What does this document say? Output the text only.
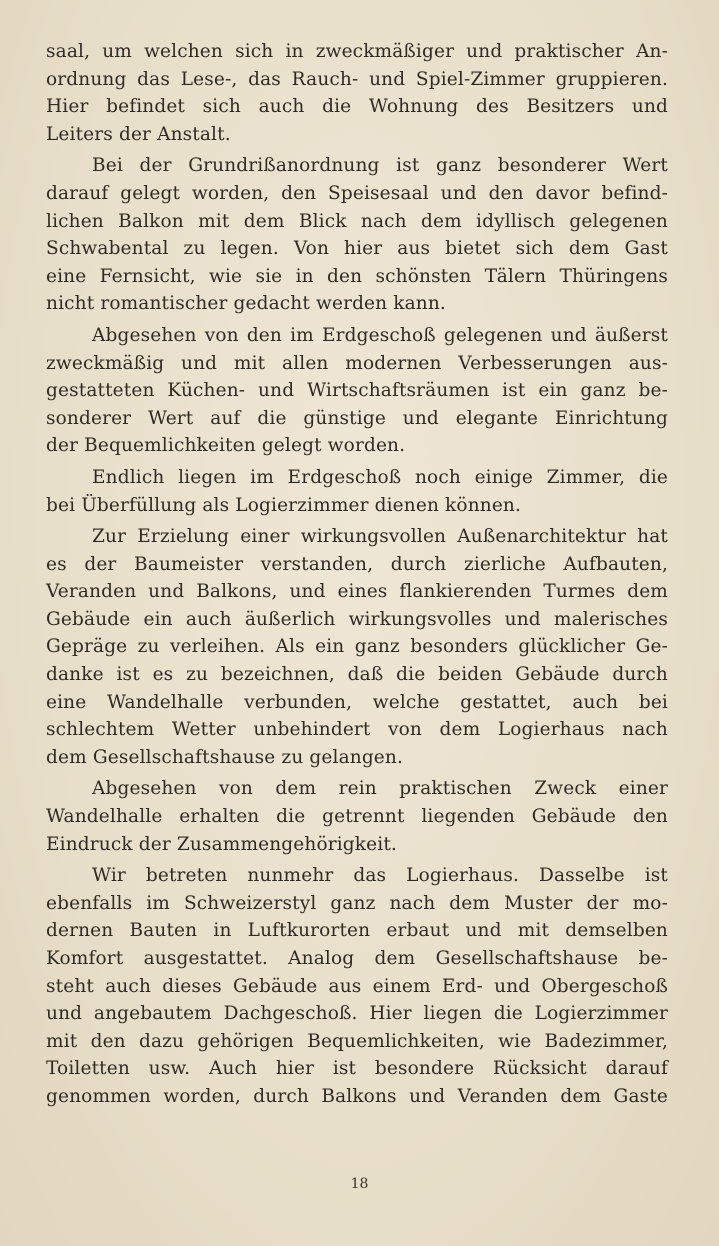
saal, um welchen sich in zweckmäßiger und praktischer An-
ordnung das Lese-, das Rauch- und Spiel-Zimmer gruppieren.
Hier befindet sich auch die Wohnung des Besitzers und
Leiters der Anstalt.
Bei der Grundrißanordnung ist ganz besonderer Wert
darauf gelegt worden, den Speisesaal und den davor befind-
lichen Balkon mit dem Blick nach dem idyllisch gelegenen
Schwabental zu legen. Von hier aus bietet sich dem Gast
eine Fernsicht, wie sie in den schönsten Tälern Thüringens
nicht romantischer gedacht werden kann.
Abgesehen von den im Erdgeschoß gelegenen und äußerst
zweckmäßig und mit allen modernen Verbesserungen aus-
gestatteten Küchen- und Wirtschaftsräumen ist ein ganz be-
sonderer Wert auf die günstige und elegante Einrichtung
der Bequemlichkeiten gelegt worden.
Endlich liegen im Erdgeschoß noch einige Zimmer, die
bei Überfüllung als Logierzimmer dienen können.
Zur Erzielung einer wirkungsvollen Außenarchitektur hat
es der Baumeister verstanden, durch zierliche Aufbauten,
Veranden und Balkons, und eines flankierenden Turmes dem
Gebäude ein auch äußerlich wirkungsvolles und malerisches
Gepräge zu verleihen. Als ein ganz besonders glücklicher Ge-
danke ist es zu bezeichnen, daß die beiden Gebäude durch
eine Wandelhalle verbunden, welche gestattet, auch bei
schlechtem Wetter unbehindert von dem Logierhaus nach
dem Gesellschaftshause zu gelangen.
Abgesehen von dem rein praktischen Zweck einer
Wandelhalle erhalten die getrennt liegenden Gebäude den
Eindruck der Zusammengehörigkeit.
Wir betreten nunmehr das Logierhaus. Dasselbe ist
ebenfalls im Schweizerstyl ganz nach dem Muster der mo-
dernen Bauten in Luftkurorten erbaut und mit demselben
Komfort ausgestattet. Analog dem Gesellschaftshause be-
steht auch dieses Gebäude aus einem Erd- und Obergeschoß
und angebautem Dachgeschoß. Hier liegen die Logierzimmer
mit den dazu gehörigen Bequemlichkeiten, wie Badezimmer,
Toiletten usw. Auch hier ist besondere Rücksicht darauf
genommen worden, durch Balkons und Veranden dem Gaste
18
